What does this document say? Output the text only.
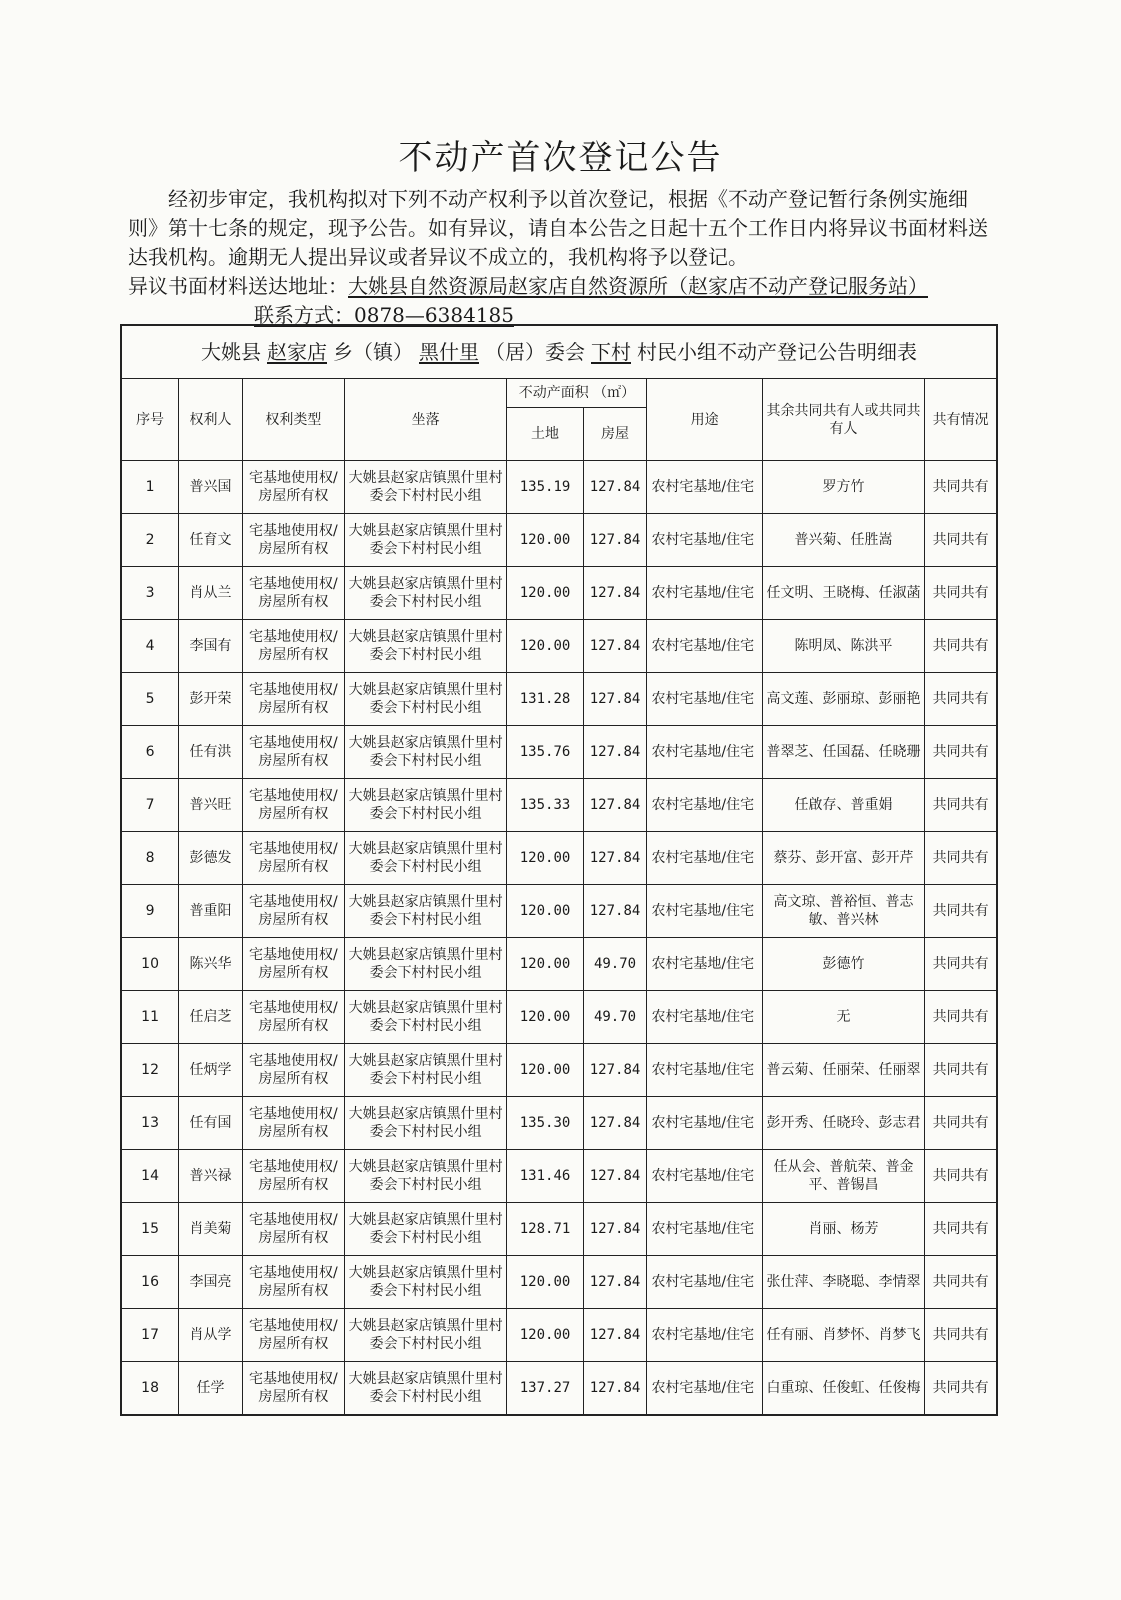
不动产首次登记公告

经初步审定，我机构拟对下列不动产权利予以首次登记，根据《不动产登记暂行条例实施细则》第十七条的规定，现予公告。如有异议，请自本公告之日起十五个工作日内将异议书面材料送达我机构。逾期无人提出异议或者异议不成立的，我机构将予以登记。

异议书面材料送达地址：大姚县自然资源局赵家店自然资源所（赵家店不动产登记服务站）

联系方式：0878—6384185

大姚县 赵家店 乡（镇） 黑什里 （居）委会 下村 村民小组不动产登记公告明细表								
序号	权利人	权利类型	坐落	不动产面积 （㎡）		用途	其余共同共有人或共同共有人	共有情况
				土地	房屋			
1	普兴国	宅基地使用权/房屋所有权	大姚县赵家店镇黑什里村委会下村村民小组	135.19	127.84	农村宅基地/住宅	罗方竹	共同共有
2	任育文	宅基地使用权/房屋所有权	大姚县赵家店镇黑什里村委会下村村民小组	120.00	127.84	农村宅基地/住宅	普兴菊、任胜嵩	共同共有
3	肖从兰	宅基地使用权/房屋所有权	大姚县赵家店镇黑什里村委会下村村民小组	120.00	127.84	农村宅基地/住宅	任文明、王晓梅、任淑菡	共同共有
4	李国有	宅基地使用权/房屋所有权	大姚县赵家店镇黑什里村委会下村村民小组	120.00	127.84	农村宅基地/住宅	陈明凤、陈洪平	共同共有
5	彭开荣	宅基地使用权/房屋所有权	大姚县赵家店镇黑什里村委会下村村民小组	131.28	127.84	农村宅基地/住宅	高文莲、彭丽琼、彭丽艳	共同共有
6	任有洪	宅基地使用权/房屋所有权	大姚县赵家店镇黑什里村委会下村村民小组	135.76	127.84	农村宅基地/住宅	普翠芝、任国磊、任晓珊	共同共有
7	普兴旺	宅基地使用权/房屋所有权	大姚县赵家店镇黑什里村委会下村村民小组	135.33	127.84	农村宅基地/住宅	任啟存、普重娟	共同共有
8	彭德发	宅基地使用权/房屋所有权	大姚县赵家店镇黑什里村委会下村村民小组	120.00	127.84	农村宅基地/住宅	蔡芬、彭开富、彭开芹	共同共有
9	普重阳	宅基地使用权/房屋所有权	大姚县赵家店镇黑什里村委会下村村民小组	120.00	127.84	农村宅基地/住宅	高文琼、普裕恒、普志敏、普兴林	共同共有
10	陈兴华	宅基地使用权/房屋所有权	大姚县赵家店镇黑什里村委会下村村民小组	120.00	49.70	农村宅基地/住宅	彭德竹	共同共有
11	任启芝	宅基地使用权/房屋所有权	大姚县赵家店镇黑什里村委会下村村民小组	120.00	49.70	农村宅基地/住宅	无	共同共有
12	任炳学	宅基地使用权/房屋所有权	大姚县赵家店镇黑什里村委会下村村民小组	120.00	127.84	农村宅基地/住宅	普云菊、任丽荣、任丽翠	共同共有
13	任有国	宅基地使用权/房屋所有权	大姚县赵家店镇黑什里村委会下村村民小组	135.30	127.84	农村宅基地/住宅	彭开秀、任晓玲、彭志君	共同共有
14	普兴禄	宅基地使用权/房屋所有权	大姚县赵家店镇黑什里村委会下村村民小组	131.46	127.84	农村宅基地/住宅	任从会、普航荣、普金平、普锡昌	共同共有
15	肖美菊	宅基地使用权/房屋所有权	大姚县赵家店镇黑什里村委会下村村民小组	128.71	127.84	农村宅基地/住宅	肖丽、杨芳	共同共有
16	李国亮	宅基地使用权/房屋所有权	大姚县赵家店镇黑什里村委会下村村民小组	120.00	127.84	农村宅基地/住宅	张仕萍、李晓聪、李情翠	共同共有
17	肖从学	宅基地使用权/房屋所有权	大姚县赵家店镇黑什里村委会下村村民小组	120.00	127.84	农村宅基地/住宅	任有丽、肖梦怀、肖梦飞	共同共有
18	任学	宅基地使用权/房屋所有权	大姚县赵家店镇黑什里村委会下村村民小组	137.27	127.84	农村宅基地/住宅	白重琼、任俊虹、任俊梅	共同共有
